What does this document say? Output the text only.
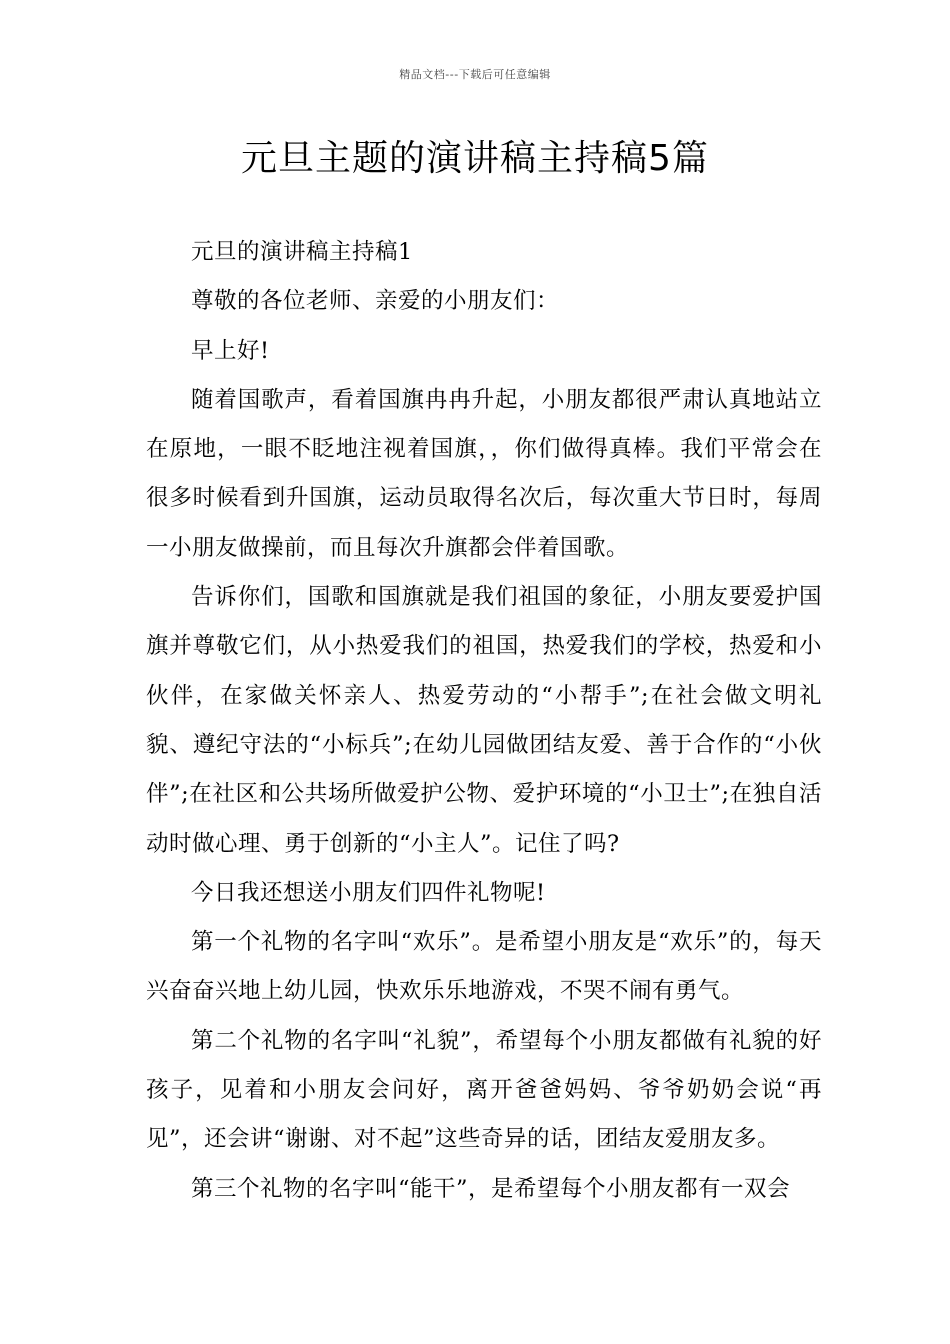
精品文档---下载后可任意编辑
元旦主题的演讲稿主持稿5篇

元旦的演讲稿主持稿1

尊敬的各位老师、亲爱的小朋友们：

早上好!

随着国歌声，看着国旗冉冉升起，小朋友都很严肃认真地站立在原地，一眼不眨地注视着国旗，，你们做得真棒。我们平常会在很多时候看到升国旗，运动员取得名次后，每次重大节日时，每周一小朋友做操前，而且每次升旗都会伴着国歌。

告诉你们，国歌和国旗就是我们祖国的象征，小朋友要爱护国旗并尊敬它们，从小热爱我们的祖国，热爱我们的学校，热爱和小伙伴，在家做关怀亲人、热爱劳动的“小帮手”;在社会做文明礼貌、遵纪守法的“小标兵”;在幼儿园做团结友爱、善于合作的“小伙伴”;在社区和公共场所做爱护公物、爱护环境的“小卫士”;在独自活动时做心理、勇于创新的“小主人”。记住了吗?

今日我还想送小朋友们四件礼物呢!

第一个礼物的名字叫“欢乐”。是希望小朋友是“欢乐”的，每天兴奋奋兴地上幼儿园，快欢乐乐地游戏，不哭不闹有勇气。

第二个礼物的名字叫“礼貌”，希望每个小朋友都做有礼貌的好孩子，见着和小朋友会问好，离开爸爸妈妈、爷爷奶奶会说“再见”，还会讲“谢谢、对不起”这些奇异的话，团结友爱朋友多。

第三个礼物的名字叫“能干”，是希望每个小朋友都有一双会
